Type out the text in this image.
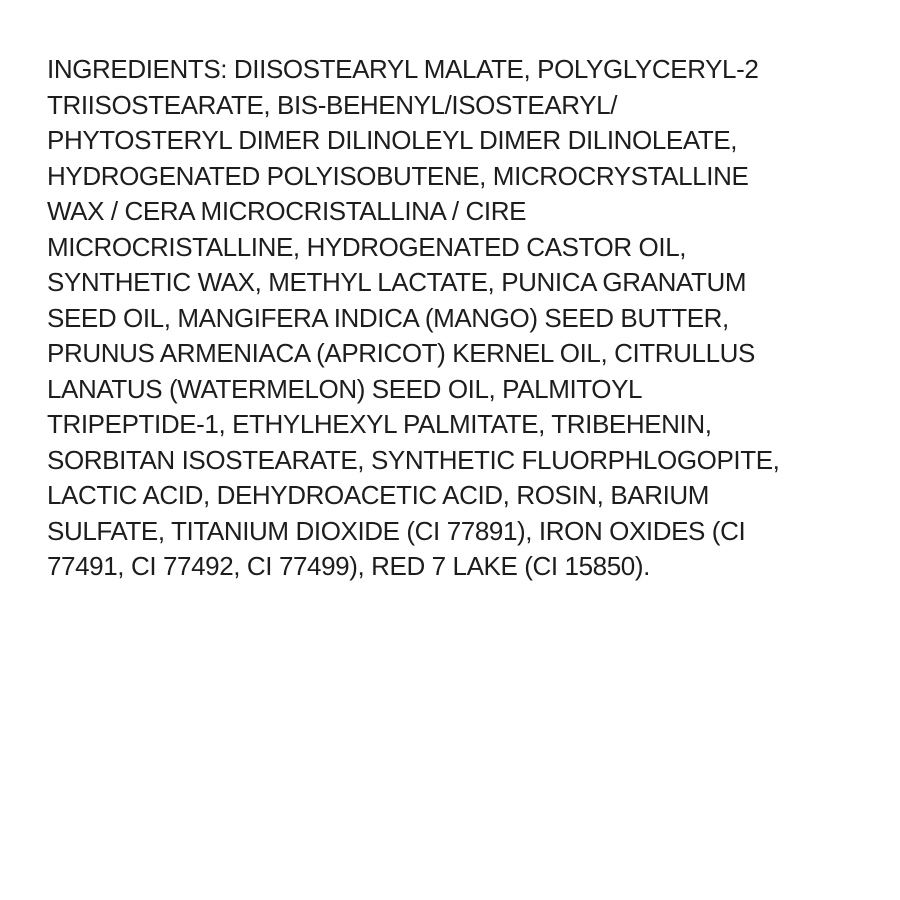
INGREDIENTS: DIISOSTEARYL MALATE, POLYGLYCERYL-2
TRIISOSTEARATE, BIS-BEHENYL/ISOSTEARYL/
PHYTOSTERYL DIMER DILINOLEYL DIMER DILINOLEATE,
HYDROGENATED POLYISOBUTENE, MICROCRYSTALLINE
WAX / CERA MICROCRISTALLINA / CIRE
MICROCRISTALLINE, HYDROGENATED CASTOR OIL,
SYNTHETIC WAX, METHYL LACTATE, PUNICA GRANATUM
SEED OIL, MANGIFERA INDICA (MANGO) SEED BUTTER,
PRUNUS ARMENIACA (APRICOT) KERNEL OIL, CITRULLUS
LANATUS (WATERMELON) SEED OIL, PALMITOYL
TRIPEPTIDE-1, ETHYLHEXYL PALMITATE, TRIBEHENIN,
SORBITAN ISOSTEARATE, SYNTHETIC FLUORPHLOGOPITE,
LACTIC ACID, DEHYDROACETIC ACID, ROSIN, BARIUM
SULFATE, TITANIUM DIOXIDE (CI 77891), IRON OXIDES (CI
77491, CI 77492, CI 77499), RED 7 LAKE (CI 15850).
